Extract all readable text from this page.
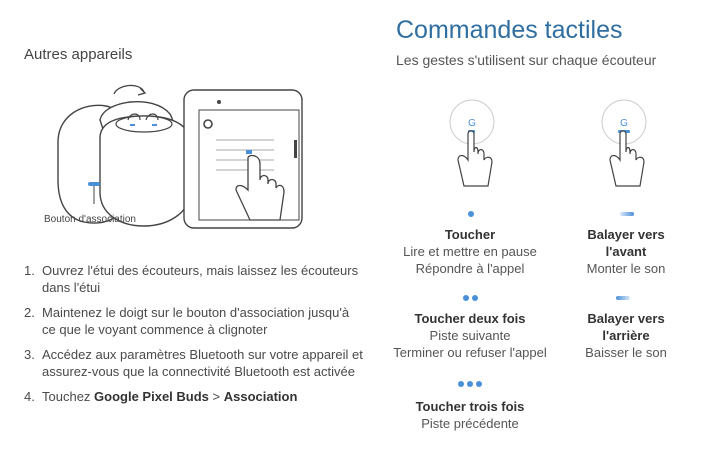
Autres appareils
Bouton d'association
1. Ouvrez l'étui des écouteurs, mais laissez les écouteurs dans l'étui
2. Maintenez le doigt sur le bouton d'association jusqu'à ce que le voyant commence à clignoter
3. Accédez aux paramètres Bluetooth sur votre appareil et assurez-vous que la connectivité Bluetooth est activée
4. Touchez Google Pixel Buds > Association
Commandes tactiles
Les gestes s'utilisent sur chaque écouteur
G	G
Toucher
Lire et mettre en pause
Répondre à l'appel
Toucher deux fois
Piste suivante
Terminer ou refuser l'appel
Toucher trois fois
Piste précédente
Balayer vers
l'avant
Monter le son
Balayer vers
l'arrière
Baisser le son
